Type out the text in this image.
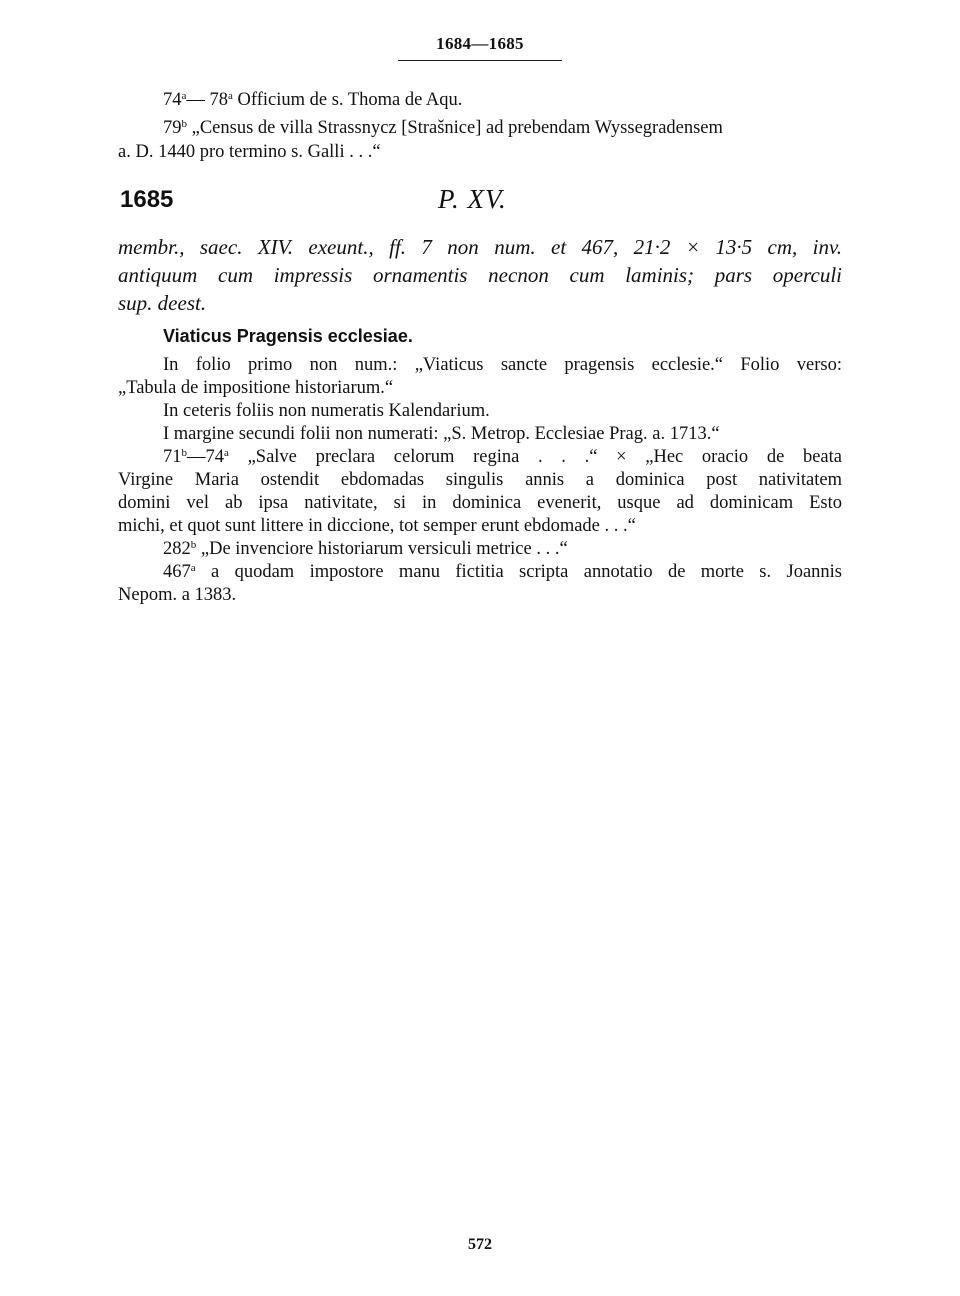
1684—1685
74$^a$— 78$^a$ Officium de s. Thoma de Aqu.
79$^b$ „Census de villa Strassnycz [Strašnice] ad prebendam Wyssegradensem
a. D. 1440 pro termino s. Galli . . .“
1685	P. XV.
membr., saec. XIV. exeunt., ff. 7 non num. et 467, 21·2 × 13·5 cm, inv.
antiquum cum impressis ornamentis necnon cum laminis; pars operculi
sup. deest.
Viaticus Pragensis ecclesiae.
In folio primo non num.: „Viaticus sancte pragensis ecclesie.“ Folio verso:
„Tabula de impositione historiarum.“
In ceteris foliis non numeratis Kalendarium.
I margine secundi folii non numerati: „S. Metrop. Ecclesiae Prag. a. 1713.“
71$^b$—74$^a$ „Salve preclara celorum regina . . .“ × „Hec oracio de beata
Virgine Maria ostendit ebdomadas singulis annis a dominica post nativitatem
domini vel ab ipsa nativitate, si in dominica evenerit, usque ad dominicam Esto
michi, et quot sunt littere in diccione, tot semper erunt ebdomade . . .“
282$^b$ „De invenciore historiarum versiculi metrice . . .“
467$^a$ a quodam impostore manu fictitia scripta annotatio de morte s. Joannis
Nepom. a 1383.
572
